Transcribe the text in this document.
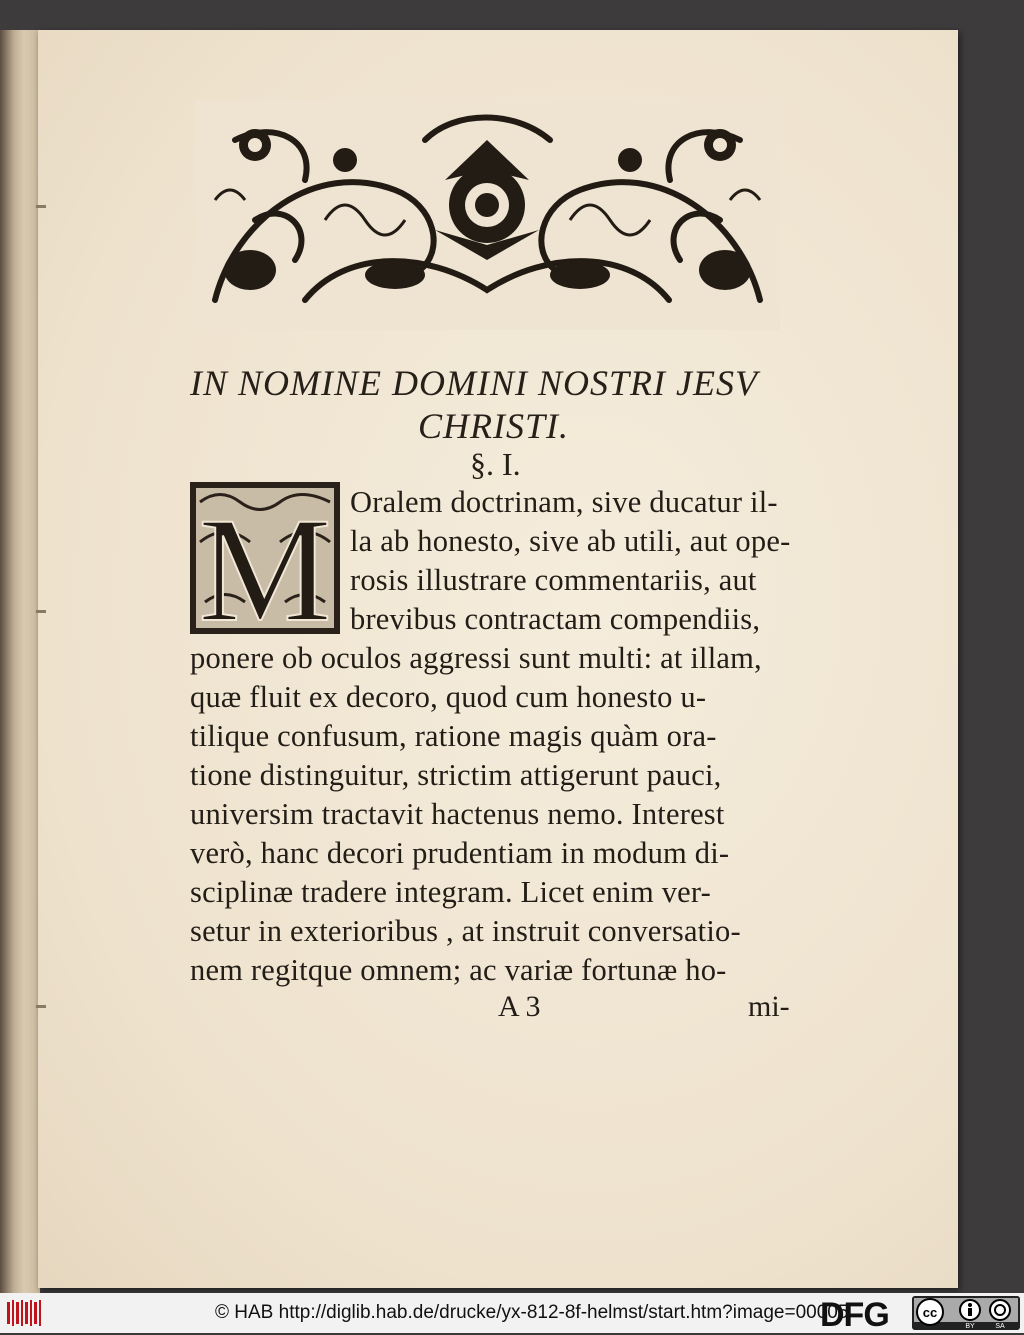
IN NOMINE DOMINI NOSTRI JESV
CHRISTI.
§. I.
M Oralem doctrinam, sive ducatur il-
la ab honesto, sive ab utili, aut ope-
rosis illustrare commentariis, aut
brevibus contractam compendiis,
ponere ob oculos aggressi sunt multi: at illam,
quæ fluit ex decoro, quod cum honesto u-
tilique confusum, ratione magis quàm ora-
tione distinguitur, strictim attigerunt pauci,
universim tractavit hactenus nemo. Interest
verò, hanc decori prudentiam in modum di-
sciplinæ tradere integram. Licet enim ver-
setur in exterioribus , at instruit conversatio-
nem regitque omnem; ac variæ fortunæ ho-
A 3	mi-
© HAB http://diglib.hab.de/drucke/yx-812-8f-helmst/start.htm?image=00005
DFG	cc
BY	SA
